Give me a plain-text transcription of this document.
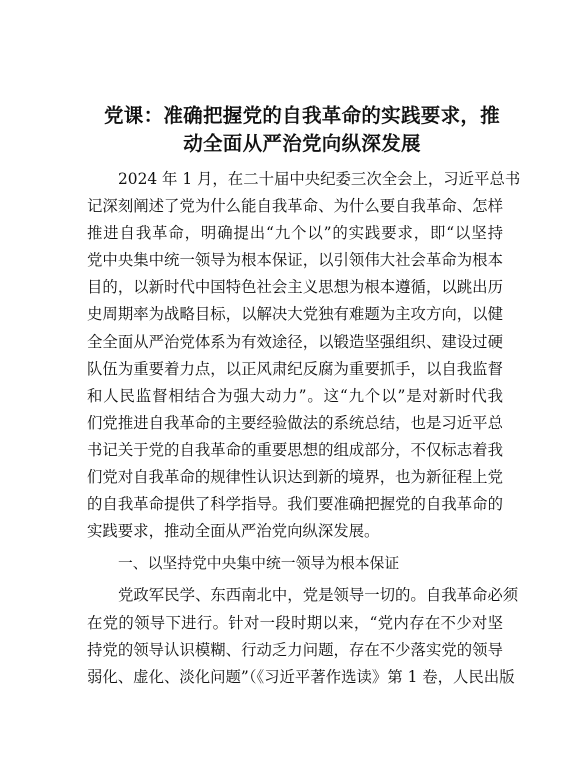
党课：准确把握党的自我革命的实践要求，推
动全面从严治党向纵深发展
2024 年 1 月，在二十届中央纪委三次全会上，习近平总书
记深刻阐述了党为什么能自我革命、为什么要自我革命、怎样
推进自我革命，明确提出“九个以”的实践要求，即“以坚持
党中央集中统一领导为根本保证，以引领伟大社会革命为根本
目的，以新时代中国特色社会主义思想为根本遵循，以跳出历
史周期率为战略目标，以解决大党独有难题为主攻方向，以健
全全面从严治党体系为有效途径，以锻造坚强组织、建设过硬
队伍为重要着力点，以正风肃纪反腐为重要抓手，以自我监督
和人民监督相结合为强大动力”。这“九个以”是对新时代我
们党推进自我革命的主要经验做法的系统总结，也是习近平总
书记关于党的自我革命的重要思想的组成部分，不仅标志着我
们党对自我革命的规律性认识达到新的境界，也为新征程上党
的自我革命提供了科学指导。我们要准确把握党的自我革命的
实践要求，推动全面从严治党向纵深发展。
一、以坚持党中央集中统一领导为根本保证
党政军民学、东西南北中，党是领导一切的。自我革命必须
在党的领导下进行。针对一段时期以来，“党内存在不少对坚
持党的领导认识模糊、行动乏力问题，存在不少落实党的领导
弱化、虚化、淡化问题”（《习近平著作选读》第 1 卷，人民出版
